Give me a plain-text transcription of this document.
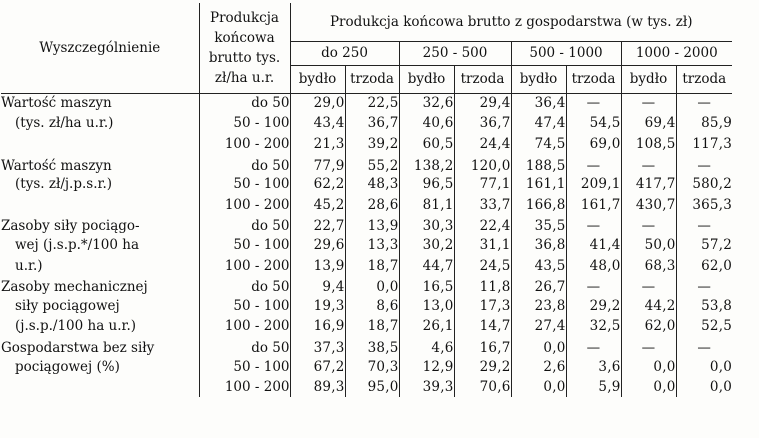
Wyszczególnienie	Produkcja
końcowa
brutto tys.
zł/ha u.r.	Produkcja końcowa brutto z gospodarstwa (w tys. zł)							
		do 250		250 - 500		500 - 1000		1000 - 2000	
		bydło	trzoda	bydło	trzoda	bydło	trzoda	bydło	trzoda
Wartość maszyn	do 50	29,0	22,5	32,6	29,4	36,4	—	—	—
(tys. zł/ha u.r.)	50 - 100	43,4	36,7	40,6	36,7	47,4	54,5	69,4	85,9
	100 - 200	21,3	39,2	60,5	24,4	74,5	69,0	108,5	117,3
Wartość maszyn	do 50	77,9	55,2	138,2	120,0	188,5	—	—	—
(tys. zł/j.p.s.r.)	50 - 100	62,2	48,3	96,5	77,1	161,1	209,1	417,7	580,2
	100 - 200	45,2	28,6	81,1	33,7	166,8	161,7	430,7	365,3
Zasoby siły pociągo-	do 50	22,7	13,9	30,3	22,4	35,5	—	—	—
wej (j.s.p.*/100 ha	50 - 100	29,6	13,3	30,2	31,1	36,8	41,4	50,0	57,2
u.r.)	100 - 200	13,9	18,7	44,7	24,5	43,5	48,0	68,3	62,0
Zasoby mechanicznej	do 50	9,4	0,0	16,5	11,8	26,7	—	—	—
siły pociągowej	50 - 100	19,3	8,6	13,0	17,3	23,8	29,2	44,2	53,8
(j.s.p./100 ha u.r.)	100 - 200	16,9	18,7	26,1	14,7	27,4	32,5	62,0	52,5
Gospodarstwa bez siły	do 50	37,3	38,5	4,6	16,7	0,0	—	—	—
pociągowej (%)	50 - 100	67,2	70,3	12,9	29,2	2,6	3,6	0,0	0,0
	100 - 200	89,3	95,0	39,3	70,6	0,0	5,9	0,0	0,0
